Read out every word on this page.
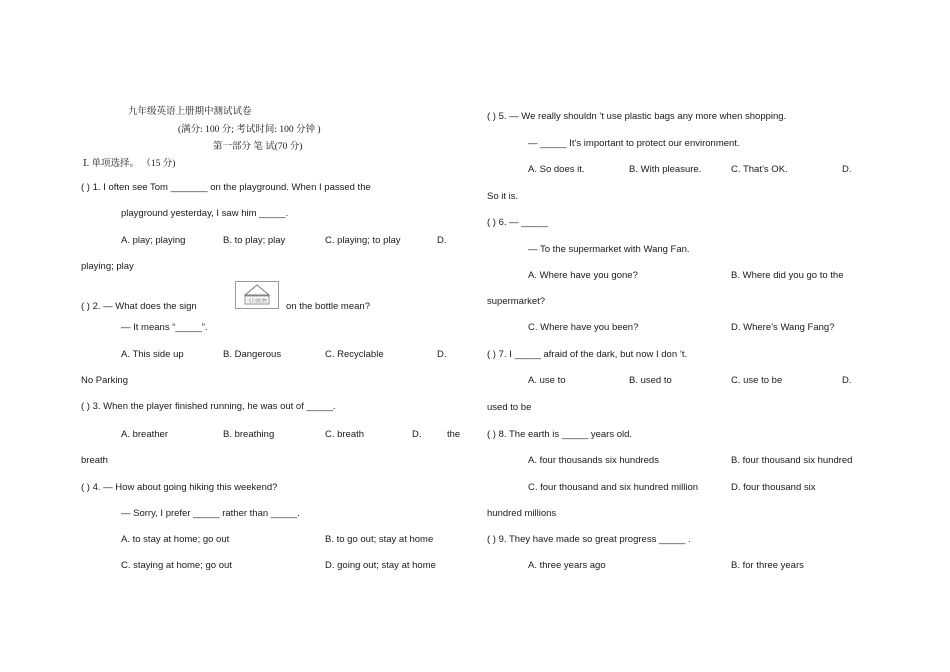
九年级英语上册期中测试试卷
(满分: 100 分; 考试时间: 100 分钟 )
第一部分 笔 试(70 分)
Ⅰ. 单项选择。 （15 分)
( ) 1. I often see Tom _______ on the playground. When I passed the
playground yesterday, I saw him _____.
A. play; playing	B. to play; play	C. playing; to play	D.
playing; play
( ) 2. — What does the sign	可回收物 on the bottle mean?
— It means “_____”.
A. This side up	B. Dangerous	C. Recyclable	D.
No Parking
( ) 3. When the player finished running, he was out of _____.
A. breather	B. breathing	C. breath	D.	the
breath
( ) 4. — How about going hiking this weekend?
— Sorry, I prefer _____ rather than _____.
A. to stay at home; go out	B. to go out; stay at home
C. staying at home; go out	D. going out; stay at home
( ) 5. — We really shouldn ’t use plastic bags any more when shopping.
— _____ It’s important to protect our environment.
A. So does it.	B. With pleasure.	C. That’s OK.	D.
So it is.
( ) 6. — _____
— To the supermarket with Wang Fan.
A. Where have you gone?	B. Where did you go to the
supermarket?
C. Where have you been?	D. Where’s Wang Fang?
( ) 7. I _____ afraid of the dark, but now I don ’t.
A. use to	B. used to	C. use to be	D.
used to be
( ) 8. The earth is _____ years old.
A. four thousands six hundreds	B. four thousand six hundred
C. four thousand and six hundred million	D. four thousand six
hundred millions
( ) 9. They have made so great progress _____ .
A. three years ago	B. for three years
